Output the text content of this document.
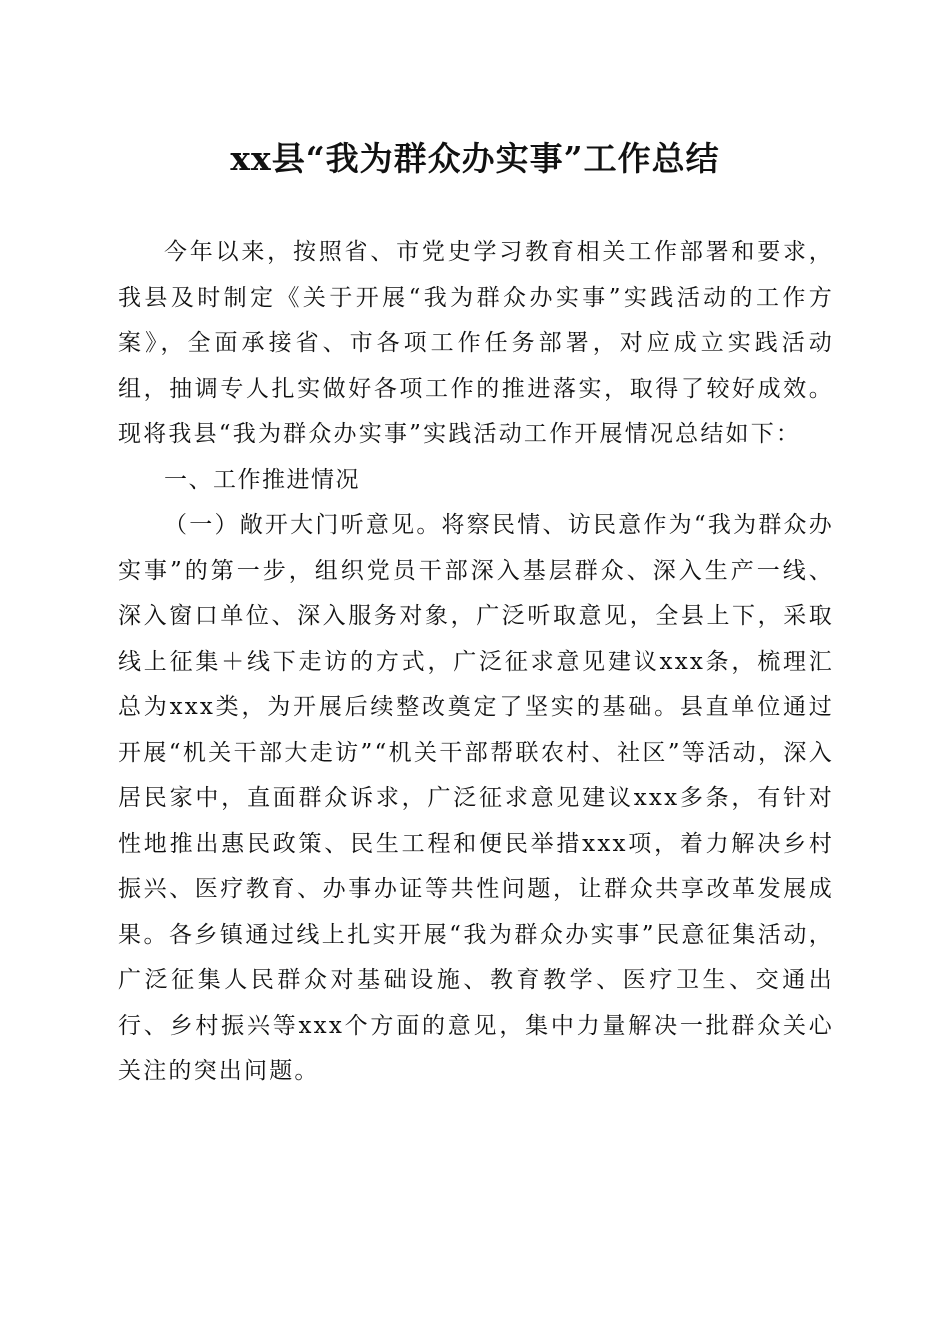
xx县“我为群众办实事”工作总结

今年以来，按照省、市党史学习教育相关工作部署和要求，我县及时制定《关于开展“我为群众办实事”实践活动的工作方案》，全面承接省、市各项工作任务部署，对应成立实践活动组，抽调专人扎实做好各项工作的推进落实，取得了较好成效。现将我县“我为群众办实事”实践活动工作开展情况总结如下：

一、工作推进情况

（一）敞开大门听意见。将察民情、访民意作为“我为群众办实事”的第一步，组织党员干部深入基层群众、深入生产一线、深入窗口单位、深入服务对象，广泛听取意见，全县上下，采取线上征集＋线下走访的方式，广泛征求意见建议xxx条，梳理汇总为xxx类，为开展后续整改奠定了坚实的基础。县直单位通过开展“机关干部大走访”“机关干部帮联农村、社区”等活动，深入居民家中，直面群众诉求，广泛征求意见建议xxx多条，有针对性地推出惠民政策、民生工程和便民举措xxx项，着力解决乡村振兴、医疗教育、办事办证等共性问题，让群众共享改革发展成果。各乡镇通过线上扎实开展“我为群众办实事”民意征集活动，广泛征集人民群众对基础设施、教育教学、医疗卫生、交通出行、乡村振兴等xxx个方面的意见，集中力量解决一批群众关心关注的突出问题。
